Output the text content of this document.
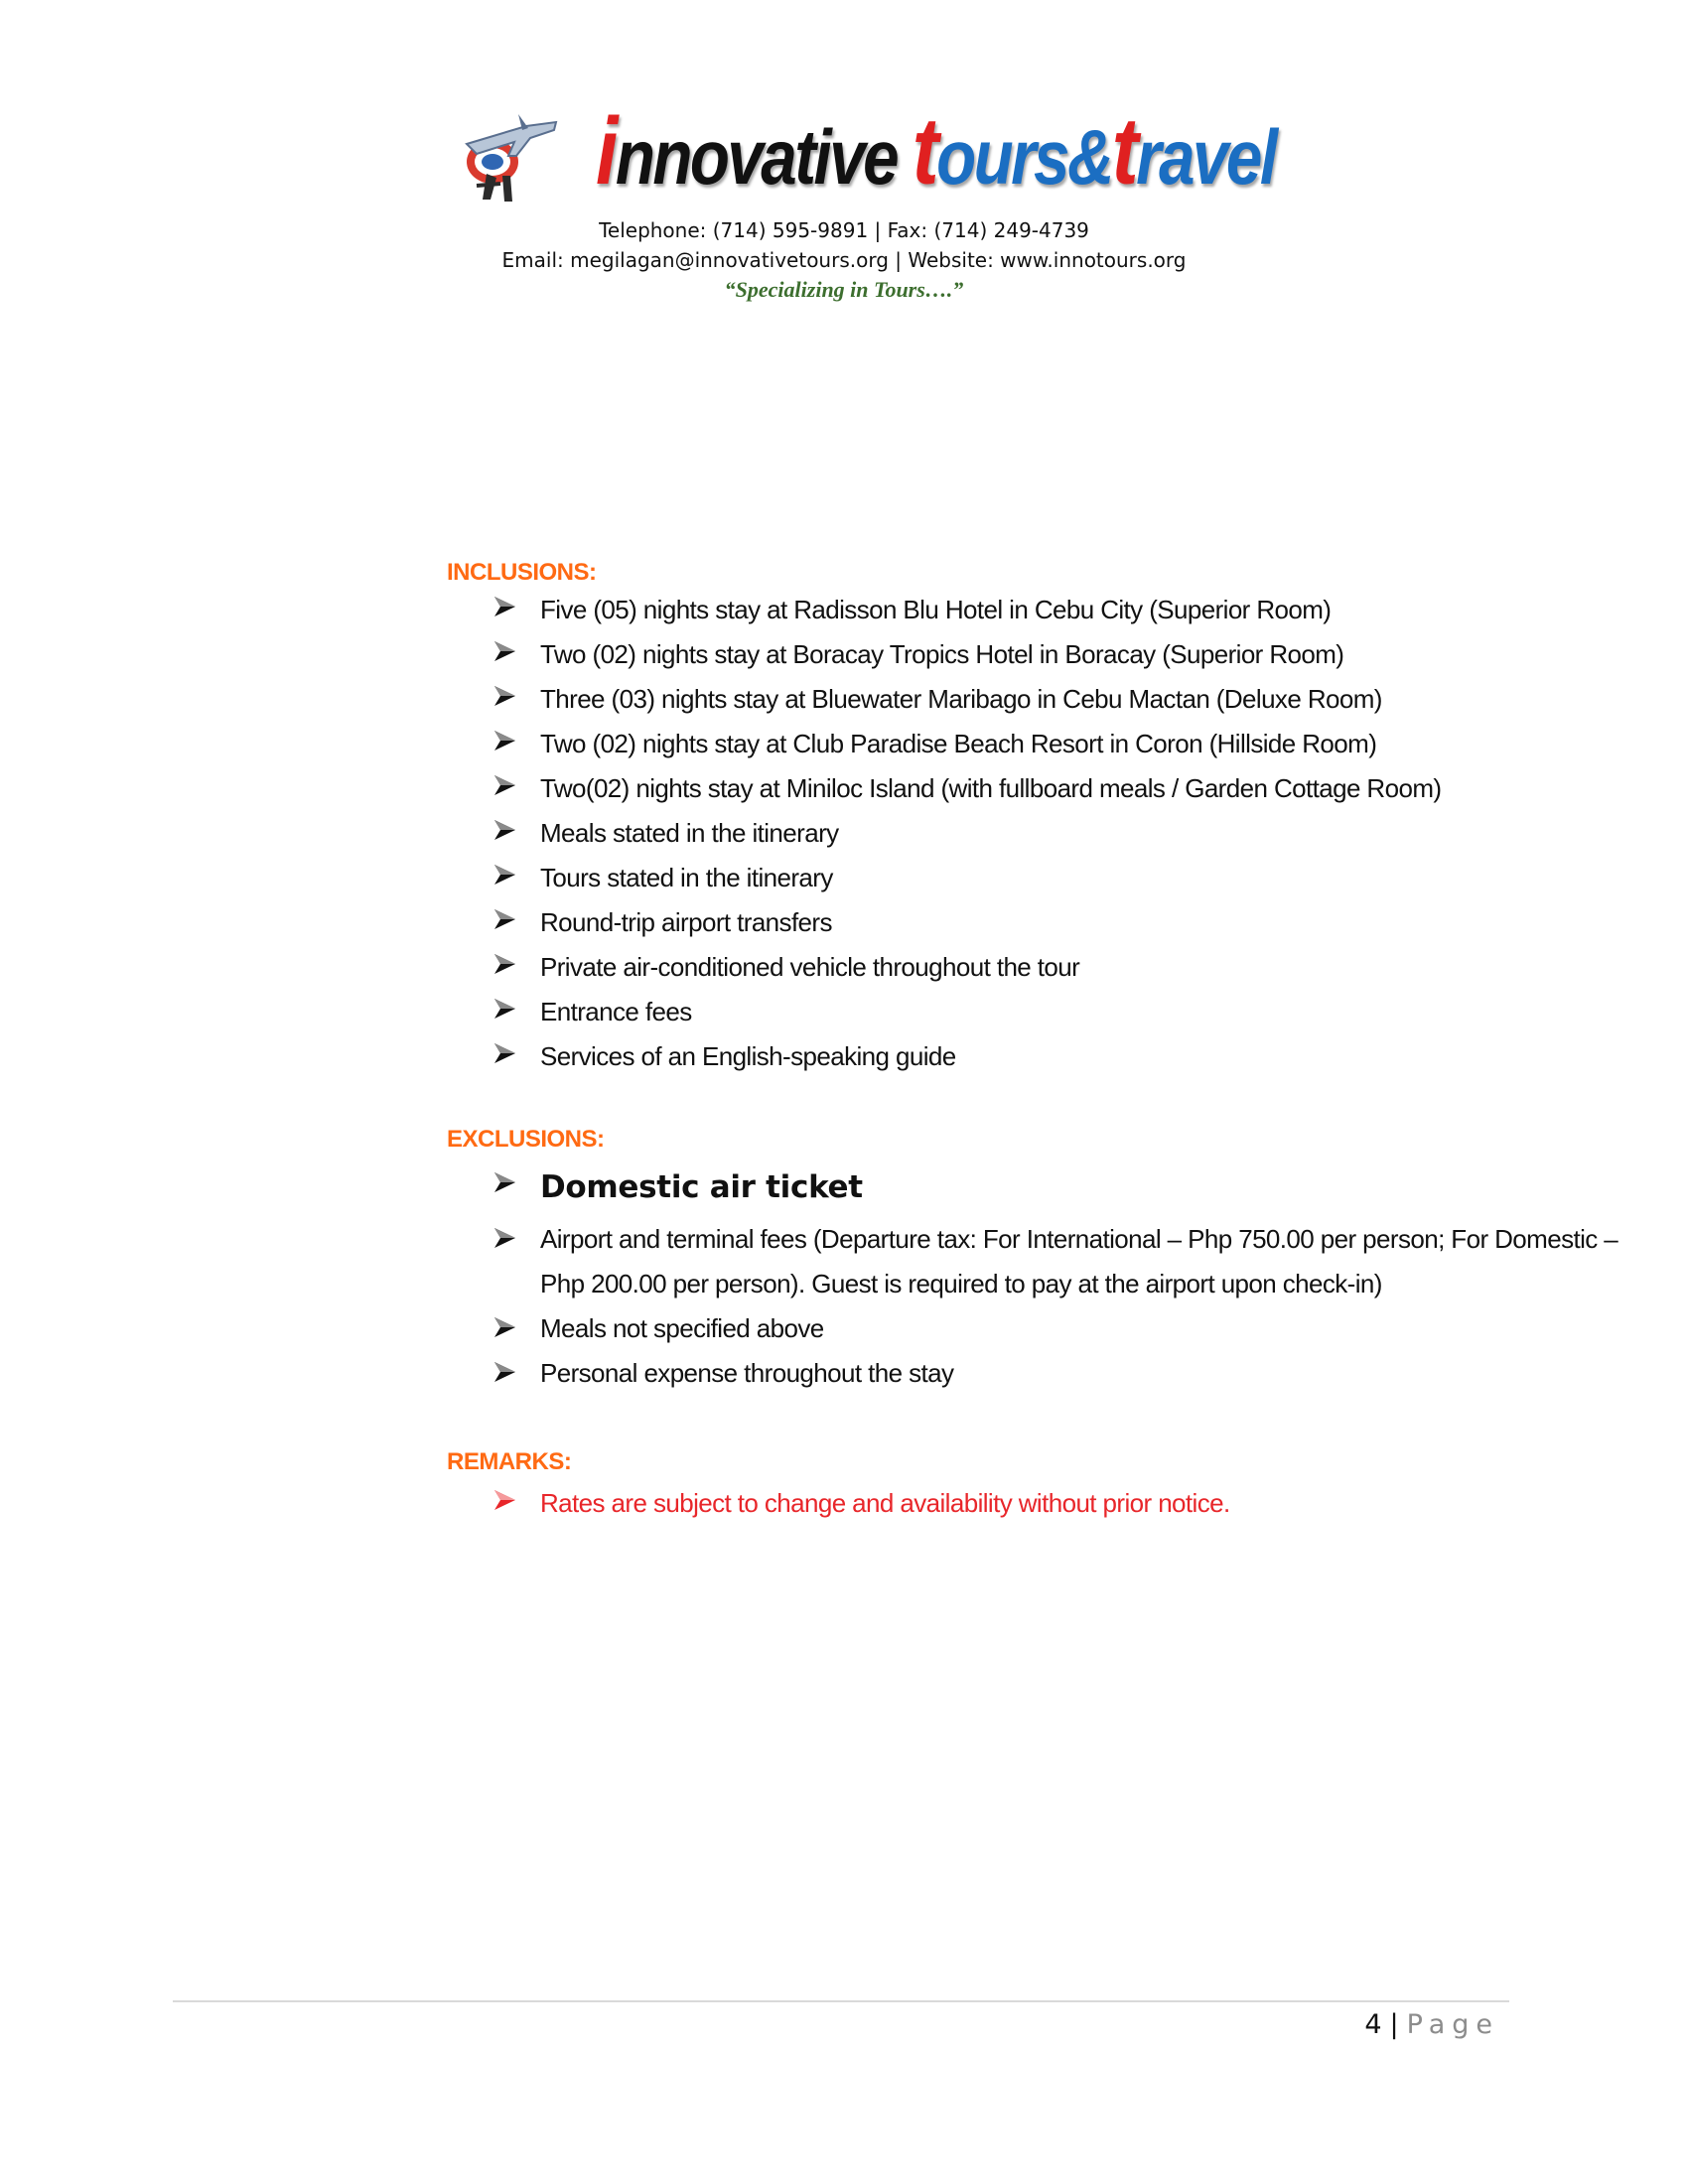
innovative tours&travel
Telephone: (714) 595-9891 | Fax: (714) 249-4739
Email: megilagan@innovativetours.org | Website: www.innotours.org
“Specializing in Tours….”
INCLUSIONS:
Five (05) nights stay at Radisson Blu Hotel in Cebu City (Superior Room)
Two (02) nights stay at Boracay Tropics Hotel in Boracay (Superior Room)
Three (03) nights stay at Bluewater Maribago in Cebu Mactan (Deluxe Room)
Two (02) nights stay at Club Paradise Beach Resort in Coron (Hillside Room)
Two(02) nights stay at Miniloc Island (with fullboard meals / Garden Cottage Room)
Meals stated in the itinerary
Tours stated in the itinerary
Round-trip airport transfers
Private air-conditioned vehicle throughout the tour
Entrance fees
Services of an English-speaking guide
EXCLUSIONS:
Domestic air ticket
Airport and terminal fees (Departure tax: For International – Php 750.00 per person; For Domestic – Php 200.00 per person). Guest is required to pay at the airport upon check-in)
Meals not specified above
Personal expense throughout the stay
REMARKS:
Rates are subject to change and availability without prior notice.
4 | Page
